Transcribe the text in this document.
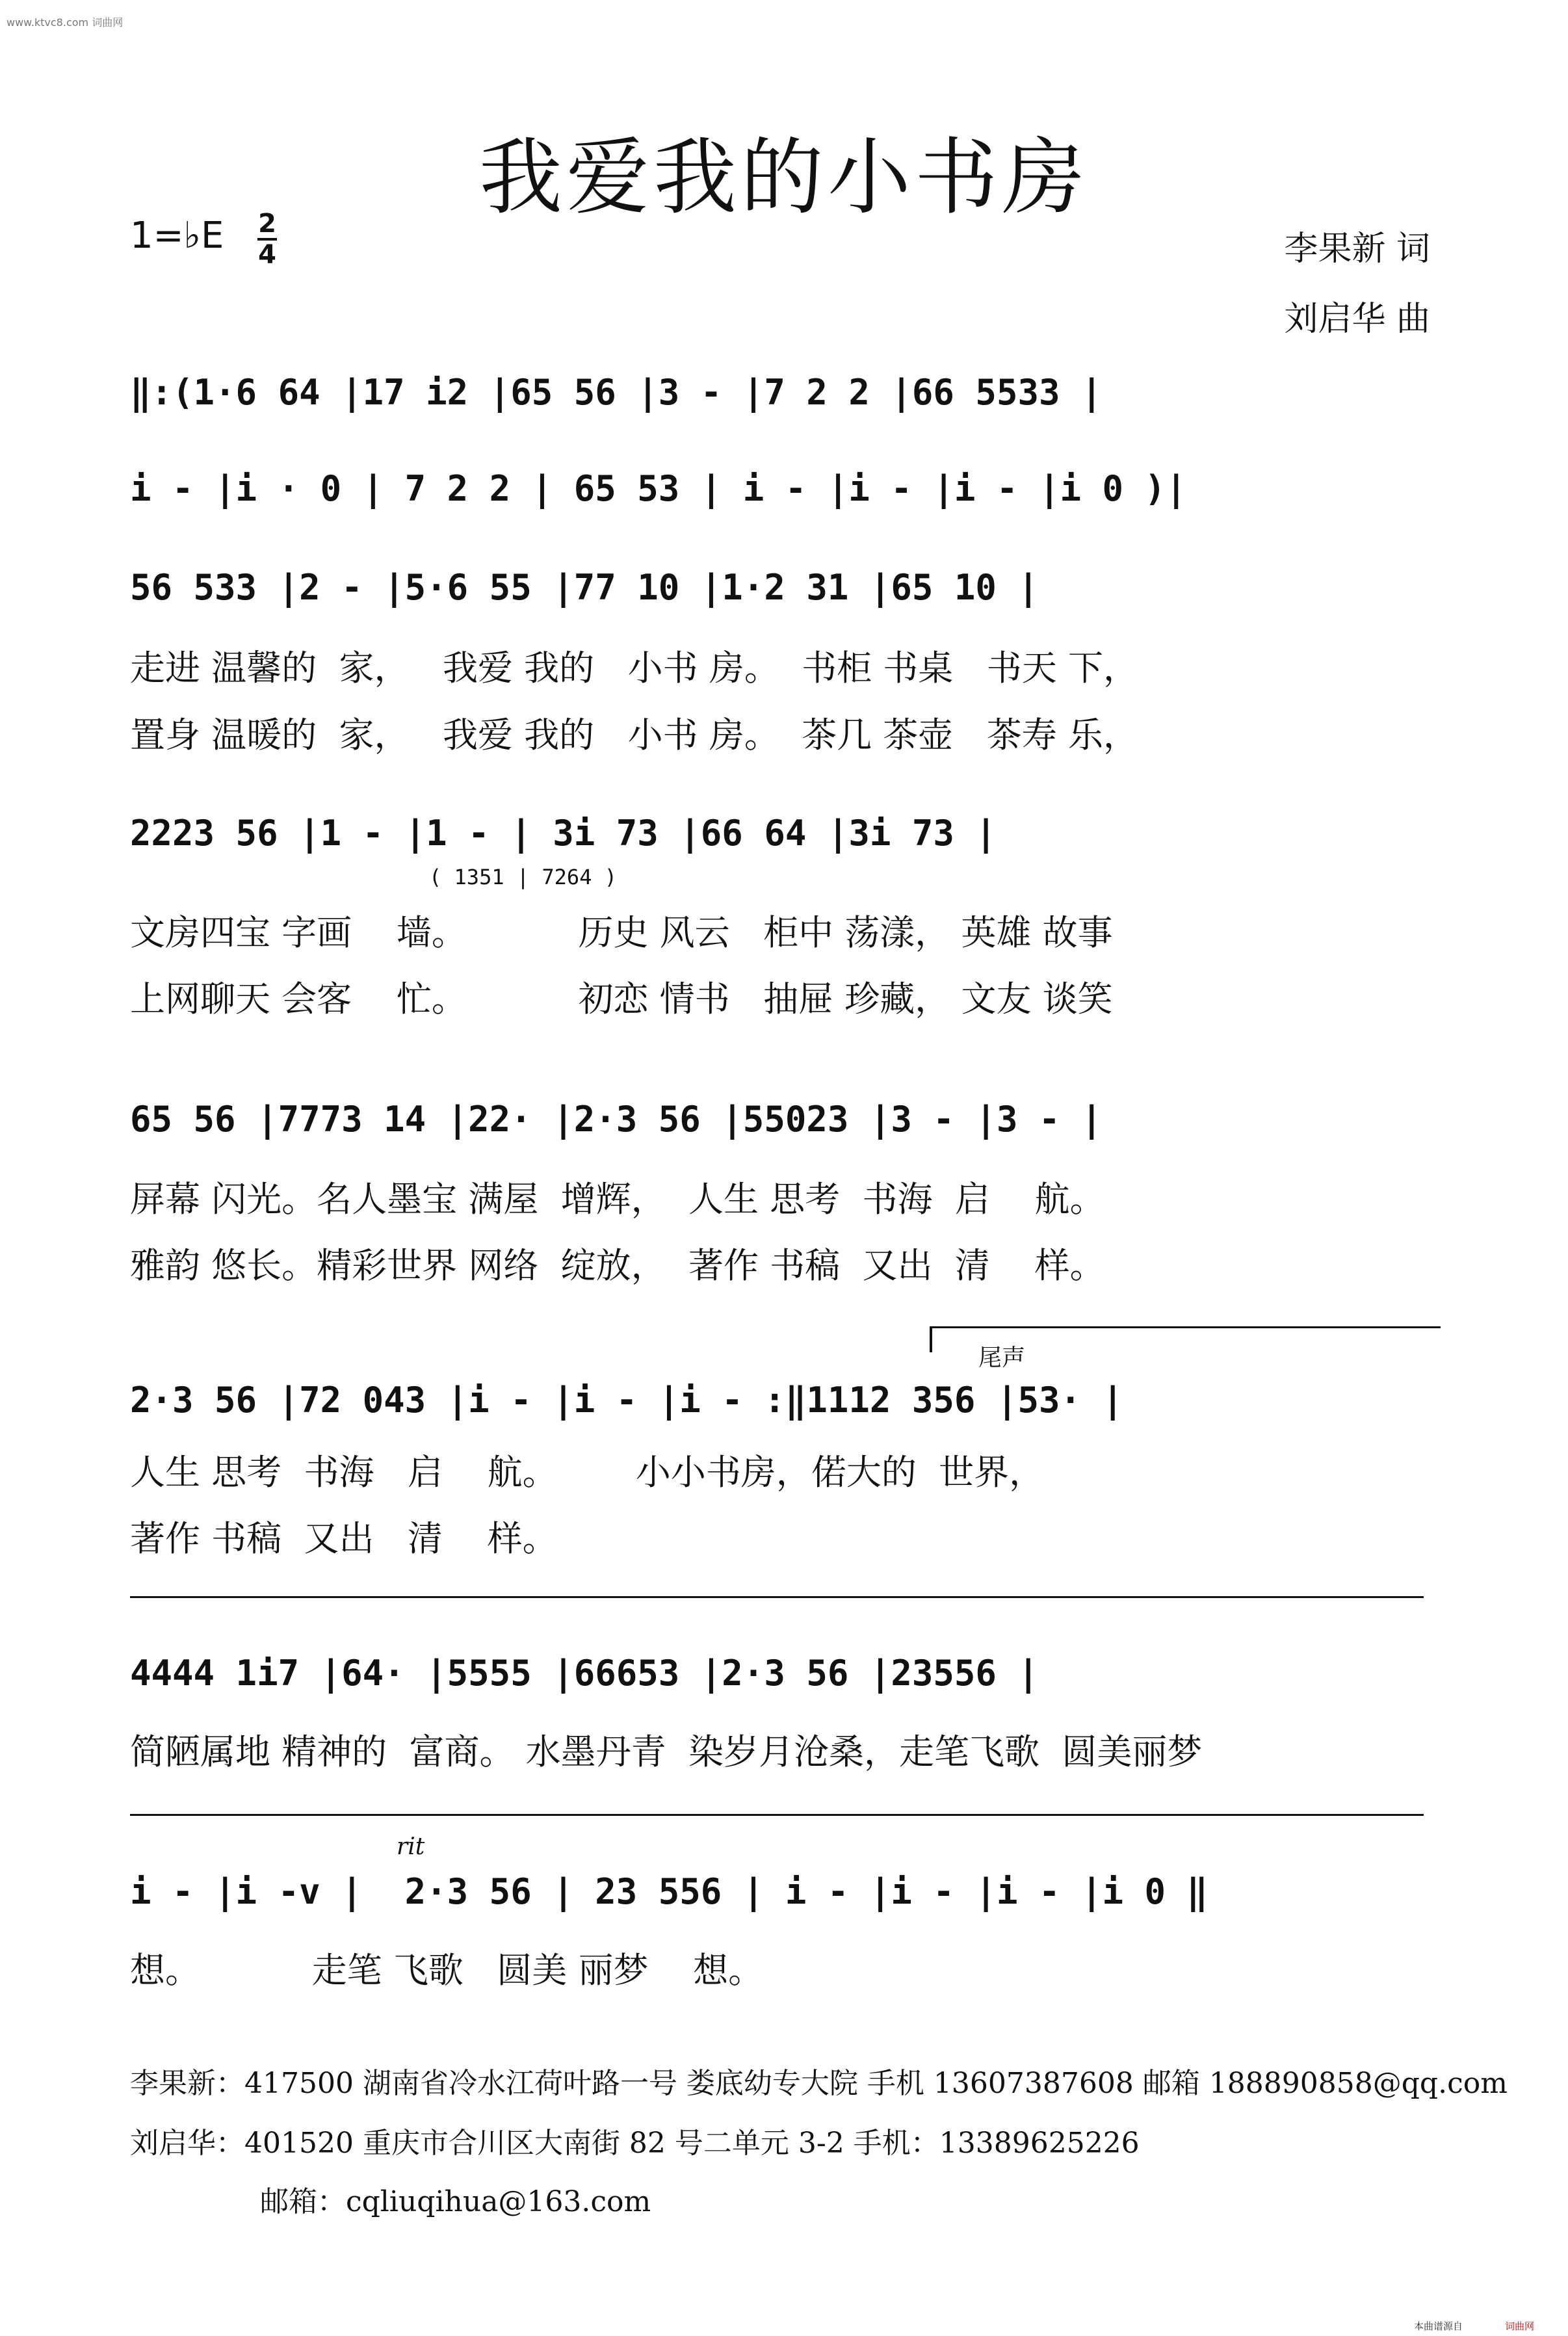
www.ktvc8.com 词曲网
我爱我的小书房
1=♭E 2
4	李果新 词
刘启华 曲
‖:(1·6 64 |17 i2 |65 56 |3 - |7 2 2 |66 5533 |
i - |i · 0 | 7 2 2 | 65 53 | i - |i - |i - |i 0 )|
56 533 |2 - |5·6 55 |77 10 |1·2 31 |65 10 |
走进 温馨的  家，   我爱 我的   小书 房。  书柜 书桌   书天 下，
置身 温暖的  家，   我爱 我的   小书 房。  茶几 茶壶   茶寿 乐，
2223 56 |1 - |1 - | 3i 73 |66 64 |3i 73 |
( 1351 | 7264 )
文房四宝 字画    墙。          历史 风云   柜中 荡漾， 英雄 故事
上网聊天 会客    忙。          初恋 情书   抽屉 珍藏， 文友 谈笑
65 56 |7773 14 |22· |2·3 56 |55023 |3 - |3 - |
屏幕 闪光。名人墨宝 满屋  增辉，  人生 思考  书海  启    航。
雅韵 悠长。精彩世界 网络  绽放，  著作 书稿  又出  清    样。
尾声
2·3 56 |72 043 |i - |i - |i - :‖1112 356 |53· |
人生 思考  书海   启    航。       小小书房，偌大的  世界，
著作 书稿  又出   清    样。
4444 1i7 |64· |5555 |66653 |2·3 56 |23556 |
简陋属地 精神的  富商。 水墨丹青  染岁月沧桑，走笔飞歌  圆美丽梦
rit
i - |i -v |  2·3 56 | 23 556 | i - |i - |i - |i 0 ‖
想。          走笔 飞歌   圆美 丽梦    想。
李果新：417500 湖南省冷水江荷叶路一号 娄底幼专大院 手机 13607387608 邮箱 188890858@qq.com
刘启华：401520 重庆市合川区大南街 82 号二单元 3-2 手机：13389625226
邮箱：cqliuqihua@163.com
本曲谱源自	词曲网
